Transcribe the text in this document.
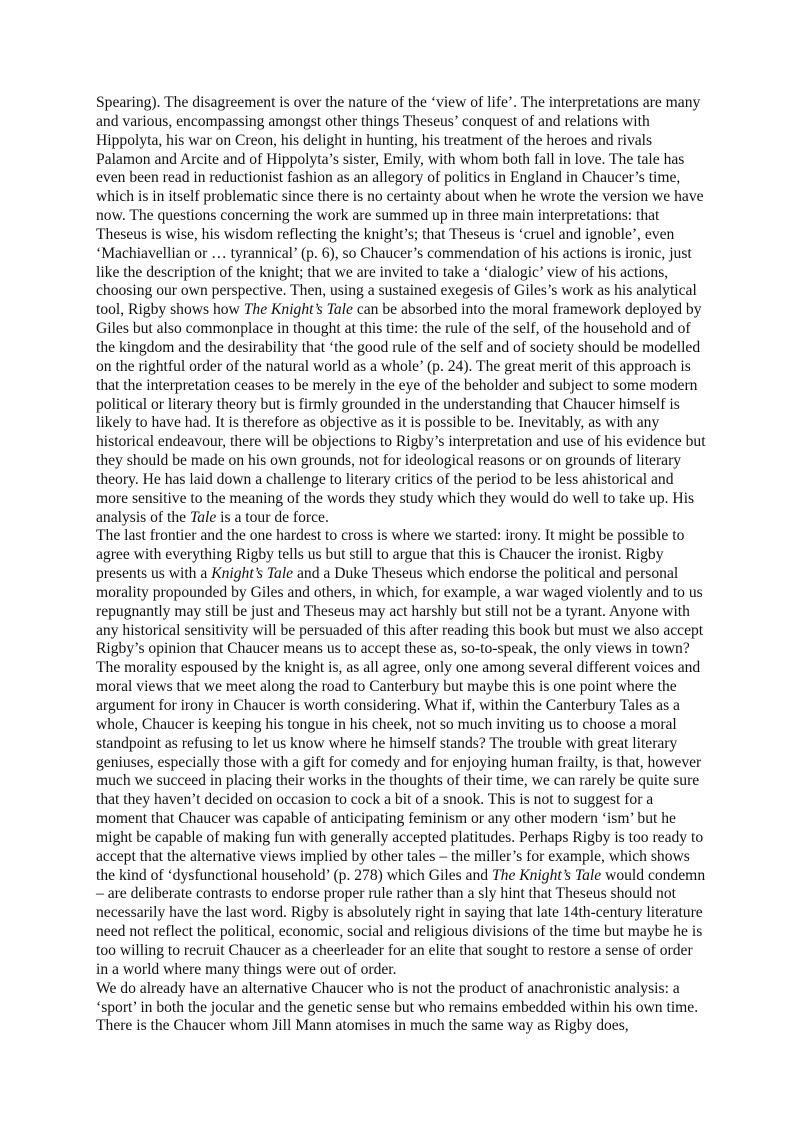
Spearing). The disagreement is over the nature of the ‘view of life’. The interpretations are many and various, encompassing amongst other things Theseus’ conquest of and relations with Hippolyta, his war on Creon, his delight in hunting, his treatment of the heroes and rivals Palamon and Arcite and of Hippolyta’s sister, Emily, with whom both fall in love. The tale has even been read in reductionist fashion as an allegory of politics in England in Chaucer’s time, which is in itself problematic since there is no certainty about when he wrote the version we have now. The questions concerning the work are summed up in three main interpretations: that Theseus is wise, his wisdom reflecting the knight’s; that Theseus is ‘cruel and ignoble’, even ‘Machiavellian or … tyrannical’ (p. 6), so Chaucer’s commendation of his actions is ironic, just like the description of the knight; that we are invited to take a ‘dialogic’ view of his actions, choosing our own perspective. Then, using a sustained exegesis of Giles’s work as his analytical tool, Rigby shows how The Knight’s Tale can be absorbed into the moral framework deployed by Giles but also commonplace in thought at this time: the rule of the self, of the household and of the kingdom and the desirability that ‘the good rule of the self and of society should be modelled on the rightful order of the natural world as a whole’ (p. 24). The great merit of this approach is that the interpretation ceases to be merely in the eye of the beholder and subject to some modern political or literary theory but is firmly grounded in the understanding that Chaucer himself is likely to have had. It is therefore as objective as it is possible to be. Inevitably, as with any historical endeavour, there will be objections to Rigby’s interpretation and use of his evidence but they should be made on his own grounds, not for ideological reasons or on grounds of literary theory. He has laid down a challenge to literary critics of the period to be less ahistorical and more sensitive to the meaning of the words they study which they would do well to take up. His analysis of the Tale is a tour de force.

The last frontier and the one hardest to cross is where we started: irony. It might be possible to agree with everything Rigby tells us but still to argue that this is Chaucer the ironist. Rigby presents us with a Knight’s Tale and a Duke Theseus which endorse the political and personal morality propounded by Giles and others, in which, for example, a war waged violently and to us repugnantly may still be just and Theseus may act harshly but still not be a tyrant. Anyone with any historical sensitivity will be persuaded of this after reading this book but must we also accept Rigby’s opinion that Chaucer means us to accept these as, so-to-speak, the only views in town? The morality espoused by the knight is, as all agree, only one among several different voices and moral views that we meet along the road to Canterbury but maybe this is one point where the argument for irony in Chaucer is worth considering. What if, within the Canterbury Tales as a whole, Chaucer is keeping his tongue in his cheek, not so much inviting us to choose a moral standpoint as refusing to let us know where he himself stands? The trouble with great literary geniuses, especially those with a gift for comedy and for enjoying human frailty, is that, however much we succeed in placing their works in the thoughts of their time, we can rarely be quite sure that they haven’t decided on occasion to cock a bit of a snook. This is not to suggest for a moment that Chaucer was capable of anticipating feminism or any other modern ‘ism’ but he might be capable of making fun with generally accepted platitudes. Perhaps Rigby is too ready to accept that the alternative views implied by other tales – the miller’s for example, which shows the kind of ‘dysfunctional household’ (p. 278) which Giles and The Knight’s Tale would condemn – are deliberate contrasts to endorse proper rule rather than a sly hint that Theseus should not necessarily have the last word. Rigby is absolutely right in saying that late 14th-century literature need not reflect the political, economic, social and religious divisions of the time but maybe he is too willing to recruit Chaucer as a cheerleader for an elite that sought to restore a sense of order in a world where many things were out of order.

We do already have an alternative Chaucer who is not the product of anachronistic analysis: a ‘sport’ in both the jocular and the genetic sense but who remains embedded within his own time. There is the Chaucer whom Jill Mann atomises in much the same way as Rigby does,
